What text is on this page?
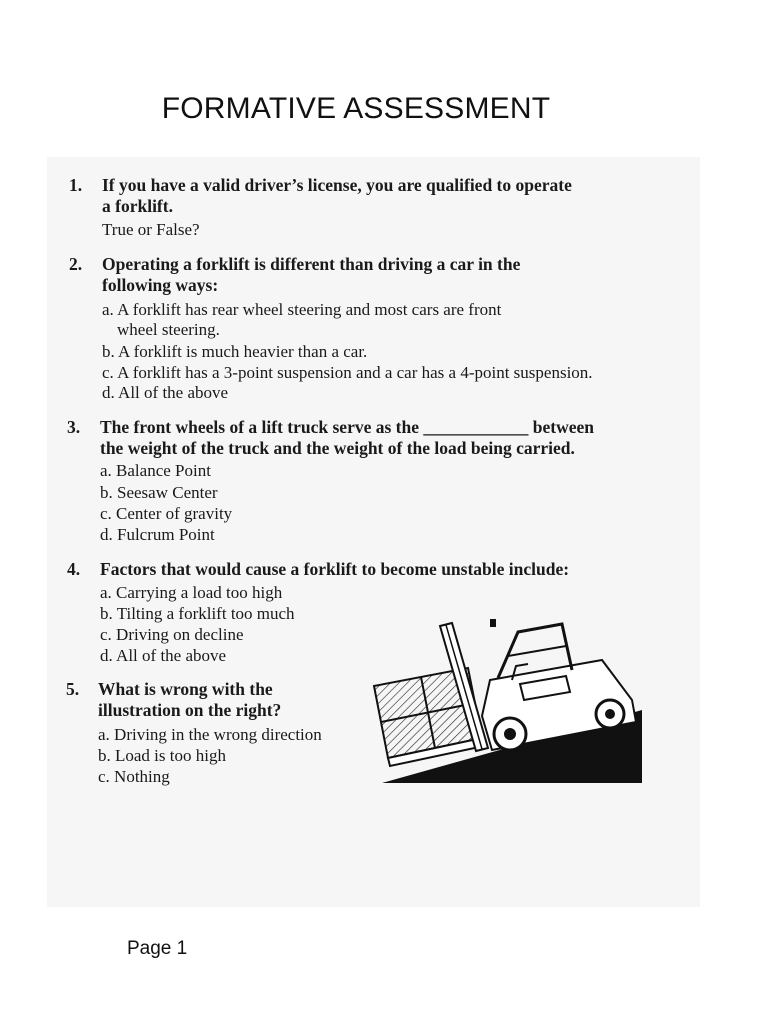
FORMATIVE ASSESSMENT
1. If you have a valid driver’s license, you are qualified to operate
a forklift.
True or False?
2. Operating a forklift is different than driving a car in the
following ways:
a. A forklift has rear wheel steering and most cars are front
wheel steering.
b. A forklift is much heavier than a car.
c. A forklift has a 3-point suspension and a car has a 4-point suspension.
d. All of the above
3. The front wheels of a lift truck serve as the ____________ between
the weight of the truck and the weight of the load being carried.
a. Balance Point
b. Seesaw Center
c. Center of gravity
d. Fulcrum Point
4. Factors that would cause a forklift to become unstable include:
a. Carrying a load too high
b. Tilting a forklift too much
c. Driving on decline
d. All of the above
5. What is wrong with the
illustration on the right?
a. Driving in the wrong direction
b. Load is too high
c. Nothing
Page 1
